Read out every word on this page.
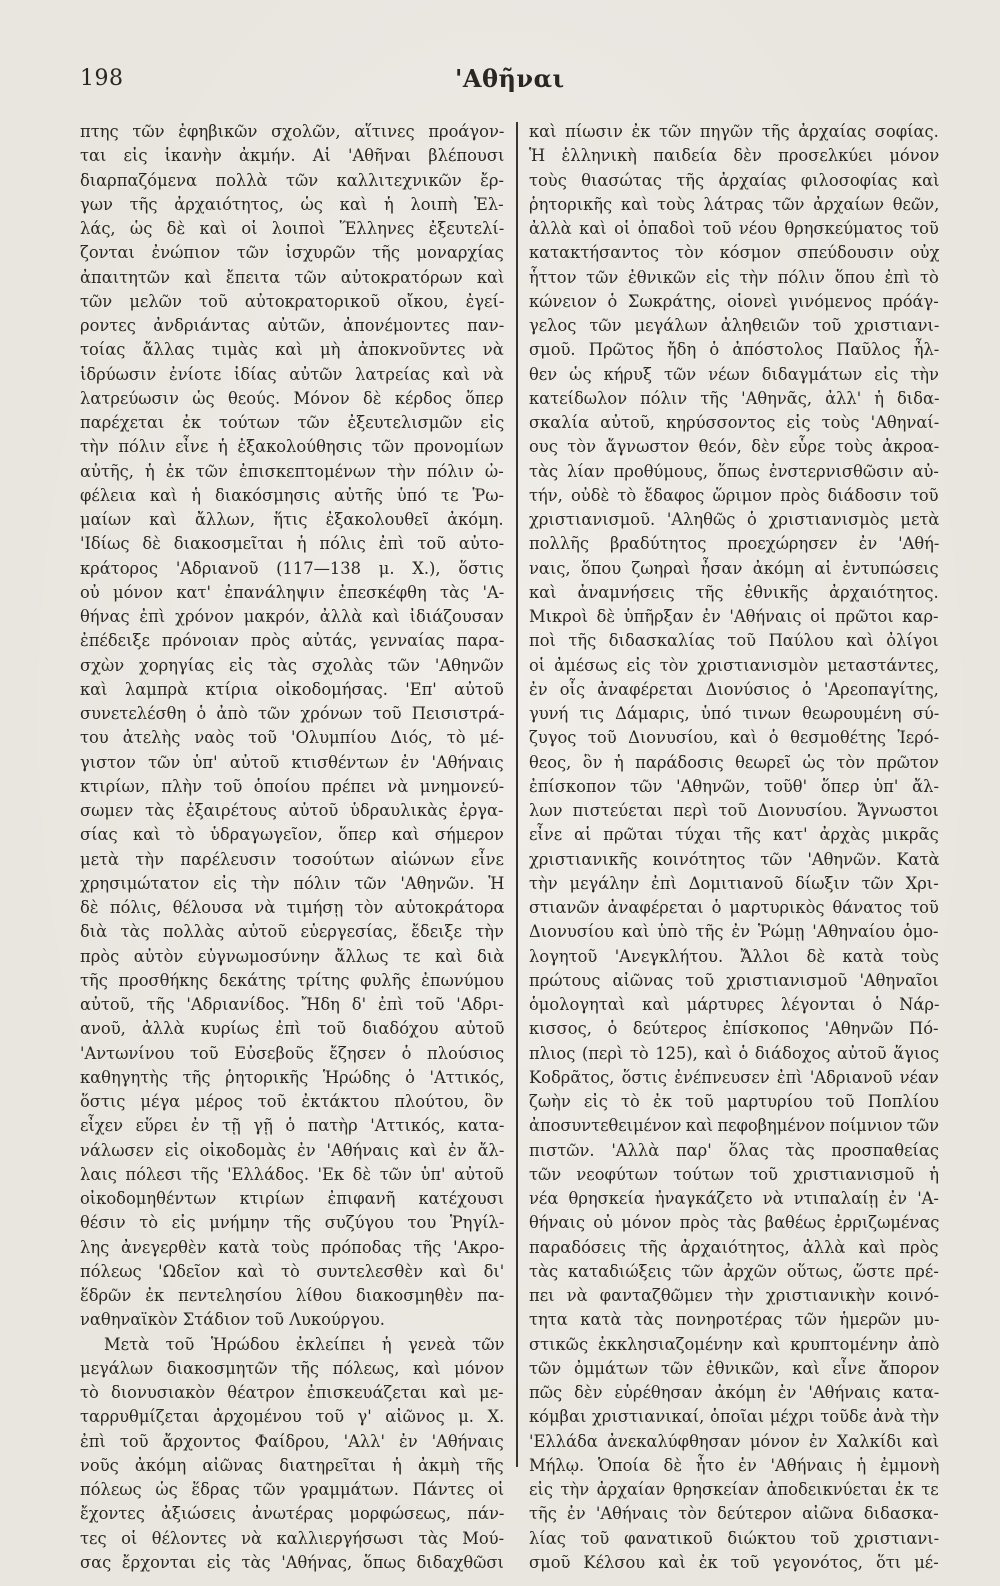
198	'Αθῆναι
πτης τῶν ἐφηβικῶν σχολῶν, αἵτινες προάγον-
ται εἰς ἱκανὴν ἀκμήν. Αἱ 'Αθῆναι βλέπουσι
διαρπαζόμενα πολλὰ τῶν καλλιτεχνικῶν ἔρ-
γων τῆς ἀρχαιότητος, ὡς καὶ ἡ λοιπὴ Ἑλ-
λάς, ὡς δὲ καὶ οἱ λοιποὶ Ἕλληνες ἐξευτελί-
ζονται ἐνώπιον τῶν ἰσχυρῶν τῆς μοναρχίας
ἀπαιτητῶν καὶ ἔπειτα τῶν αὐτοκρατόρων καὶ
τῶν μελῶν τοῦ αὐτοκρατορικοῦ οἴκου, ἐγεί-
ροντες ἀνδριάντας αὐτῶν, ἀπονέμοντες παν-
τοίας ἄλλας τιμὰς καὶ μὴ ἀποκνοῦντες νὰ
ἱδρύωσιν ἐνίοτε ἰδίας αὐτῶν λατρείας καὶ νὰ
λατρεύωσιν ὡς θεούς. Μόνον δὲ κέρδος ὅπερ
παρέχεται ἐκ τούτων τῶν ἐξευτελισμῶν εἰς
τὴν πόλιν εἶνε ἡ ἐξακολούθησις τῶν προνομίων
αὐτῆς, ἡ ἐκ τῶν ἐπισκεπτομένων τὴν πόλιν ὠ-
φέλεια καὶ ἡ διακόσμησις αὐτῆς ὑπό τε Ῥω-
μαίων καὶ ἄλλων, ἥτις ἐξακολουθεῖ ἀκόμη.
'Ιδίως δὲ διακοσμεῖται ἡ πόλις ἐπὶ τοῦ αὐτο-
κράτορος 'Αδριανοῦ (117—138 μ. Χ.), ὅστις
οὐ μόνον κατ' ἐπανάληψιν ἐπεσκέφθη τὰς 'Α-
θήνας ἐπὶ χρόνον μακρόν, ἀλλὰ καὶ ἰδιάζουσαν
ἐπέδειξε πρόνοιαν πρὸς αὐτάς, γενναίας παρα-
σχὼν χορηγίας εἰς τὰς σχολὰς τῶν 'Αθηνῶν
καὶ λαμπρὰ κτίρια οἰκοδομήσας. 'Επ' αὐτοῦ
συνετελέσθη ὁ ἀπὸ τῶν χρόνων τοῦ Πεισιστρά-
του ἀτελὴς ναὸς τοῦ 'Ολυμπίου Διός, τὸ μέ-
γιστον τῶν ὑπ' αὐτοῦ κτισθέντων ἐν 'Αθήναις
κτιρίων, πλὴν τοῦ ὁποίου πρέπει νὰ μνημονεύ-
σωμεν τὰς ἐξαιρέτους αὐτοῦ ὑδραυλικὰς ἐργα-
σίας καὶ τὸ ὑδραγωγεῖον, ὅπερ καὶ σήμερον
μετὰ τὴν παρέλευσιν τοσούτων αἰώνων εἶνε
χρησιμώτατον εἰς τὴν πόλιν τῶν 'Αθηνῶν. Ἡ
δὲ πόλις, θέλουσα νὰ τιμήσῃ τὸν αὐτοκράτορα
διὰ τὰς πολλὰς αὐτοῦ εὐεργεσίας, ἔδειξε τὴν
πρὸς αὐτὸν εὐγνωμοσύνην ἄλλως τε καὶ διὰ
τῆς προσθήκης δεκάτης τρίτης φυλῆς ἐπωνύμου
αὐτοῦ, τῆς 'Αδριανίδος. Ἤδη δ' ἐπὶ τοῦ 'Αδρι-
ανοῦ, ἀλλὰ κυρίως ἐπὶ τοῦ διαδόχου αὐτοῦ
'Αντωνίνου τοῦ Εὐσεβοῦς ἔζησεν ὁ πλούσιος
καθηγητὴς τῆς ῥητορικῆς Ἡρώδης ὁ 'Αττικός,
ὅστις μέγα μέρος τοῦ ἐκτάκτου πλούτου, ὃν
εἶχεν εὕρει ἐν τῇ γῇ ὁ πατὴρ 'Αττικός, κατα-
νάλωσεν εἰς οἰκοδομὰς ἐν 'Αθήναις καὶ ἐν ἄλ-
λαις πόλεσι τῆς 'Ελλάδος. 'Εκ δὲ τῶν ὑπ' αὐτοῦ
οἰκοδομηθέντων κτιρίων ἐπιφανῆ κατέχουσι
θέσιν τὸ εἰς μνήμην τῆς συζύγου του Ῥηγίλ-
λης ἀνεγερθὲν κατὰ τοὺς πρόποδας τῆς 'Ακρο-
πόλεως 'Ωδεῖον καὶ τὸ συντελεσθὲν καὶ δι'
ἕδρῶν ἐκ πεντελησίου λίθου διακοσμηθὲν πα-
ναθηναϊκὸν Στάδιον τοῦ Λυκούργου.
Μετὰ τοῦ Ἡρώδου ἐκλείπει ἡ γενεὰ τῶν
μεγάλων διακοσμητῶν τῆς πόλεως, καὶ μόνον
τὸ διονυσιακὸν θέατρον ἐπισκευάζεται καὶ με-
ταρρυθμίζεται ἀρχομένου τοῦ γ' αἰῶνος μ. Χ.
ἐπὶ τοῦ ἄρχοντος Φαίδρου, 'Αλλ' ἐν 'Αθήναις
νοῦς ἀκόμη αἰῶνας διατηρεῖται ἡ ἀκμὴ τῆς
πόλεως ὡς ἕδρας τῶν γραμμάτων. Πάντες οἱ
ἔχοντες ἀξιώσεις ἀνωτέρας μορφώσεως, πάν-
τες οἱ θέλοντες νὰ καλλιεργήσωσι τὰς Μού-
σας ἔρχονται εἰς τὰς 'Αθήνας, ὅπως διδαχθῶσι
καὶ πίωσιν ἐκ τῶν πηγῶν τῆς ἀρχαίας σοφίας.
Ἡ ἑλληνικὴ παιδεία δὲν προσελκύει μόνον
τοὺς θιασώτας τῆς ἀρχαίας φιλοσοφίας καὶ
ῥητορικῆς καὶ τοὺς λάτρας τῶν ἀρχαίων θεῶν,
ἀλλὰ καὶ οἱ ὀπαδοὶ τοῦ νέου θρησκεύματος τοῦ
κατακτήσαντος τὸν κόσμον σπεύδουσιν οὐχ
ἧττον τῶν ἐθνικῶν εἰς τὴν πόλιν ὅπου ἐπὶ τὸ
κώνειον ὁ Σωκράτης, οἱονεὶ γινόμενος πρόάγ-
γελος τῶν μεγάλων ἀληθειῶν τοῦ χριστιανι-
σμοῦ. Πρῶτος ἤδη ὁ ἀπόστολος Παῦλος ἦλ-
θεν ὡς κήρυξ τῶν νέων διδαγμάτων εἰς τὴν
κατείδωλον πόλιν τῆς 'Αθηνᾶς, ἀλλ' ἡ διδα-
σκαλία αὐτοῦ, κηρύσσοντος εἰς τοὺς 'Αθηναί-
ους τὸν ἄγνωστον θεόν, δὲν εὗρε τοὺς ἀκροα-
τὰς λίαν προθύμους, ὅπως ἐνστερνισθῶσιν αὐ-
τήν, οὐδὲ τὸ ἔδαφος ὥριμον πρὸς διάδοσιν τοῦ
χριστιανισμοῦ. 'Αληθῶς ὁ χριστιανισμὸς μετὰ
πολλῆς βραδύτητος προεχώρησεν ἐν 'Αθή-
ναις, ὅπου ζωηραὶ ἦσαν ἀκόμη αἱ ἐντυπώσεις
καὶ ἀναμνήσεις τῆς ἐθνικῆς ἀρχαιότητος.
Μικροὶ δὲ ὑπῆρξαν ἐν 'Αθήναις οἱ πρῶτοι καρ-
ποὶ τῆς διδασκαλίας τοῦ Παύλου καὶ ὀλίγοι
οἱ ἀμέσως εἰς τὸν χριστιανισμὸν μεταστάντες,
ἐν οἷς ἀναφέρεται Διονύσιος ὁ 'Αρεοπαγίτης,
γυνή τις Δάμαρις, ὑπό τινων θεωρουμένη σύ-
ζυγος τοῦ Διονυσίου, καὶ ὁ θεσμοθέτης Ἱερό-
θεος, ὃν ἡ παράδοσις θεωρεῖ ὡς τὸν πρῶτον
ἐπίσκοπον τῶν 'Αθηνῶν, τοῦθ' ὅπερ ὑπ' ἄλ-
λων πιστεύεται περὶ τοῦ Διονυσίου. Ἄγνωστοι
εἶνε αἱ πρῶται τύχαι τῆς κατ' ἀρχὰς μικρᾶς
χριστιανικῆς κοινότητος τῶν 'Αθηνῶν. Κατὰ
τὴν μεγάλην ἐπὶ Δομιτιανοῦ δίωξιν τῶν Χρι-
στιανῶν ἀναφέρεται ὁ μαρτυρικὸς θάνατος τοῦ
Διονυσίου καὶ ὑπὸ τῆς ἐν Ῥώμῃ 'Αθηναίου ὁμο-
λογητοῦ 'Ανεγκλήτου. Ἄλλοι δὲ κατὰ τοὺς
πρώτους αἰῶνας τοῦ χριστιανισμοῦ 'Αθηναῖοι
ὁμολογηταὶ καὶ μάρτυρες λέγονται ὁ Νάρ-
κισσος, ὁ δεύτερος ἐπίσκοπος 'Αθηνῶν Πό-
πλιος (περὶ τὸ 125), καὶ ὁ διάδοχος αὐτοῦ ἅγιος
Κοδρᾶτος, ὅστις ἐνέπνευσεν ἐπὶ 'Αδριανοῦ νέαν
ζωὴν εἰς τὸ ἐκ τοῦ μαρτυρίου τοῦ Ποπλίου
ἀποσυντεθειμένον καὶ πεφοβημένον ποίμνιον τῶν
πιστῶν. 'Αλλὰ παρ' ὅλας τὰς προσπαθείας
τῶν νεοφύτων τούτων τοῦ χριστιανισμοῦ ἡ
νέα θρησκεία ἠναγκάζετο νὰ ντιπαλαίῃ ἐν 'Α-
θήναις οὐ μόνον πρὸς τὰς βαθέως ἐρριζωμένας
παραδόσεις τῆς ἀρχαιότητος, ἀλλὰ καὶ πρὸς
τὰς καταδιώξεις τῶν ἀρχῶν οὕτως, ὥστε πρέ-
πει νὰ φανταζθῶμεν τὴν χριστιανικὴν κοινό-
τητα κατὰ τὰς πονηροτέρας τῶν ἡμερῶν μυ-
στικῶς ἐκκλησιαζομένην καὶ κρυπτομένην ἀπὸ
τῶν ὀμμάτων τῶν ἐθνικῶν, καὶ εἶνε ἄπορον
πῶς δὲν εὑρέθησαν ἀκόμη ἐν 'Αθήναις κατα-
κόμβαι χριστιανικαί, ὁποῖαι μέχρι τοῦδε ἀνὰ τὴν
'Ελλάδα ἀνεκαλύφθησαν μόνον ἐν Χαλκίδι καὶ
Μήλῳ. Ὁποία δὲ ἦτο ἐν 'Αθήναις ἡ ἐμμονὴ
εἰς τὴν ἀρχαίαν θρησκείαν ἀποδεικνύεται ἐκ τε
τῆς ἐν 'Αθήναις τὸν δεύτερον αἰῶνα διδασκα-
λίας τοῦ φανατικοῦ διώκτου τοῦ χριστιανι-
σμοῦ Κέλσου καὶ ἐκ τοῦ γεγονότος, ὅτι μέ-
